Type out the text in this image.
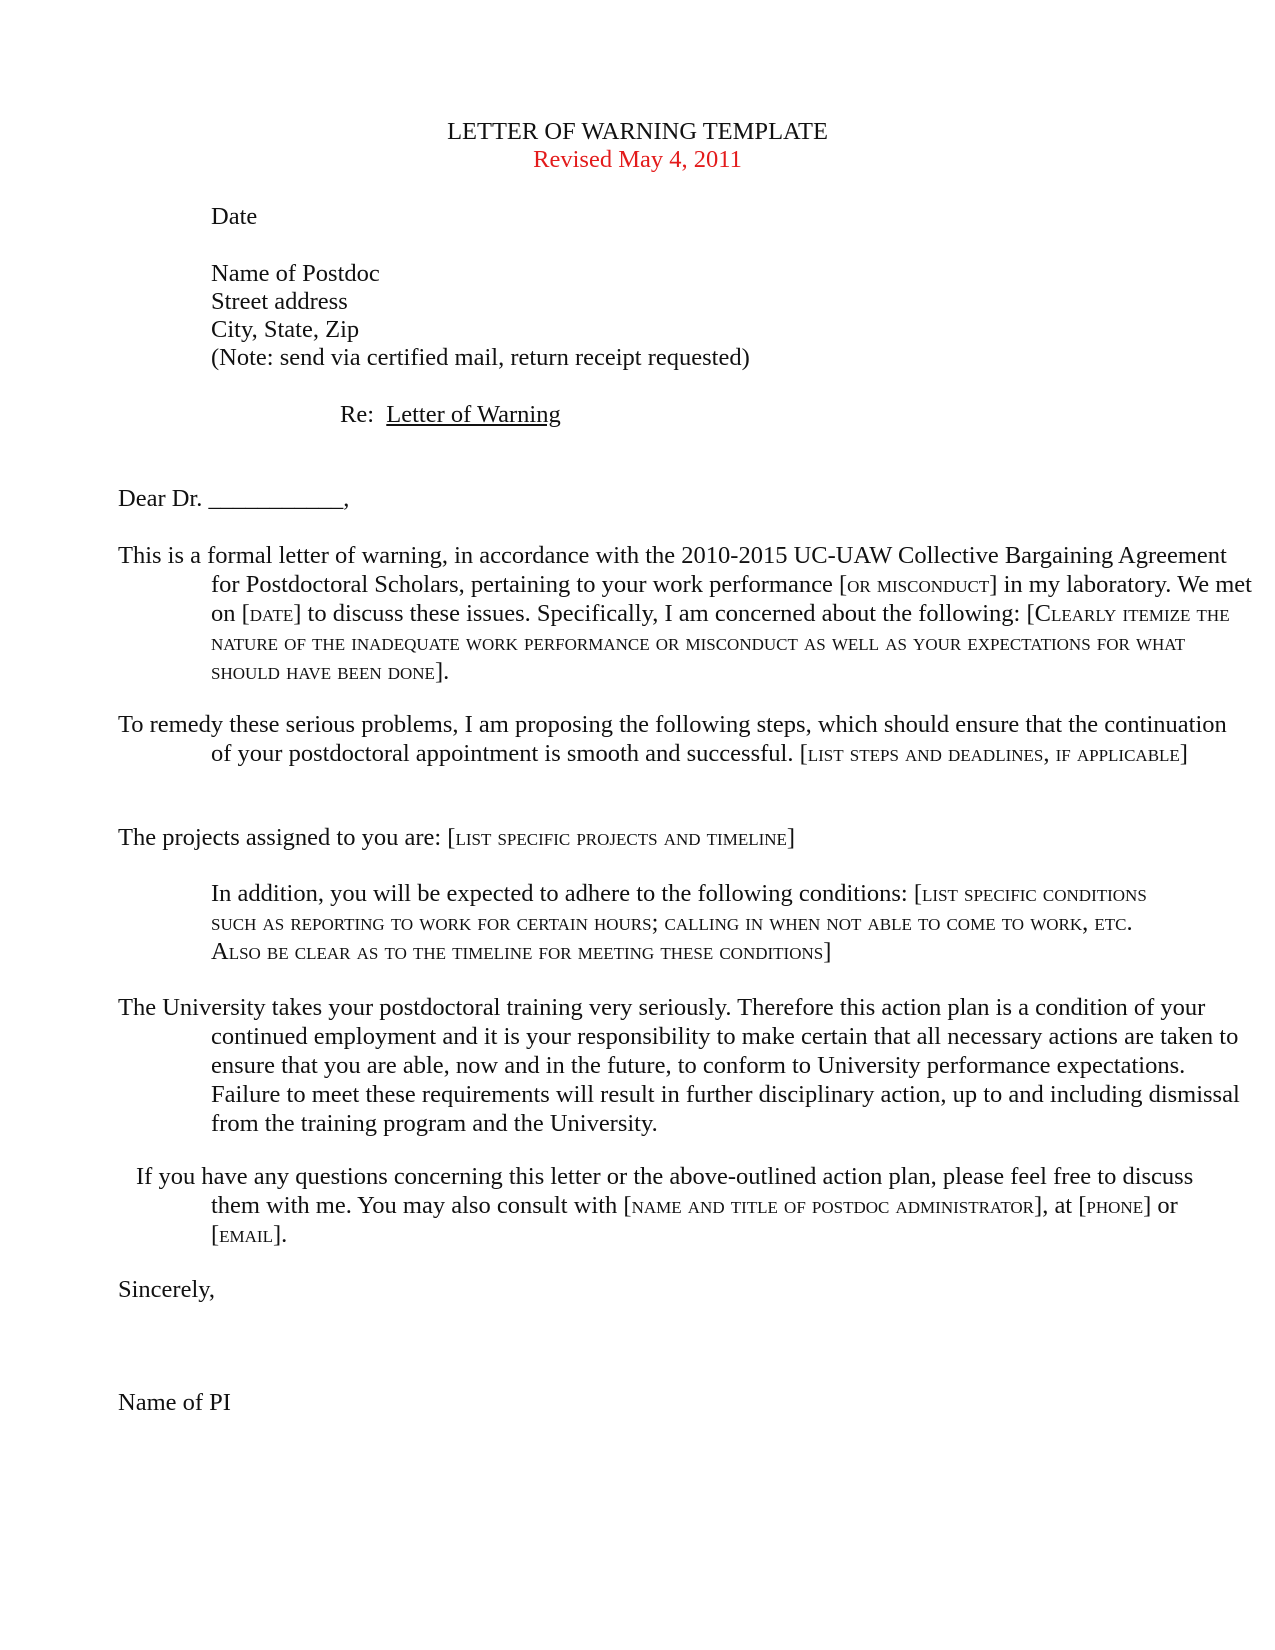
LETTER OF WARNING TEMPLATE
Revised May 4, 2011
Date
Name of Postdoc
Street address
City, State, Zip
(Note: send via certified mail, return receipt requested)
Re: Letter of Warning
Dear Dr. ___________,

This is a formal letter of warning, in accordance with the 2010-2015 UC-UAW Collective Bargaining Agreement for Postdoctoral Scholars, pertaining to your work performance [or misconduct] in my laboratory. We met on [date] to discuss these issues. Specifically, I am concerned about the following: [Clearly itemize the nature of the inadequate work performance or misconduct as well as your expectations for what should have been done].

To remedy these serious problems, I am proposing the following steps, which should ensure that the continuation of your postdoctoral appointment is smooth and successful. [list steps and deadlines, if applicable]

The projects assigned to you are: [list specific projects and timeline]

In addition, you will be expected to adhere to the following conditions: [list specific conditions such as reporting to work for certain hours; calling in when not able to come to work, etc. Also be clear as to the timeline for meeting these conditions]

The University takes your postdoctoral training very seriously. Therefore this action plan is a condition of your continued employment and it is your responsibility to make certain that all necessary actions are taken to ensure that you are able, now and in the future, to conform to University performance expectations. Failure to meet these requirements will result in further disciplinary action, up to and including dismissal from the training program and the University.

If you have any questions concerning this letter or the above-outlined action plan, please feel free to discuss them with me. You may also consult with [name and title of postdoc administrator], at [phone] or [email].

Sincerely,
Name of PI
